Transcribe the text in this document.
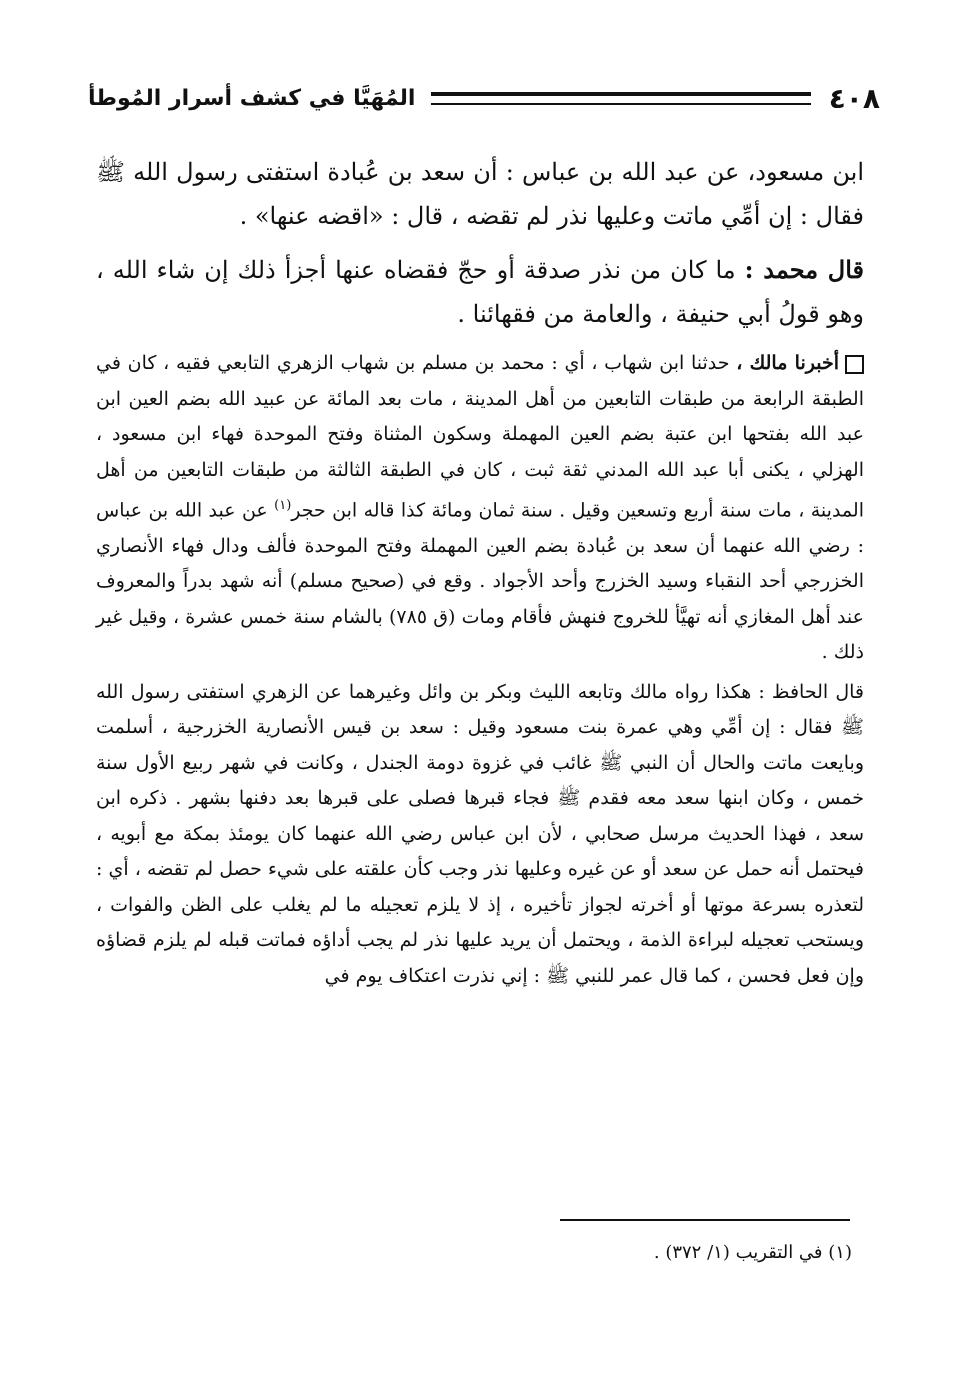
٤٠٨
المُهَيَّا في كشف أسرار المُوطأ

ابن مسعود، عن عبد الله بن عباس : أن سعد بن عُبادة استفتى رسول الله ﷺ فقال : إن أمِّي ماتت وعليها نذر لم تقضه ، قال : «اقضه عنها» .

قال محمد : ما كان من نذر صدقة أو حجّ فقضاه عنها أجزأ ذلك إن شاء الله ، وهو قولُ أبي حنيفة ، والعامة من فقهائنا .

أخبرنا مالك ، حدثنا ابن شهاب ، أي : محمد بن مسلم بن شهاب الزهري التابعي فقيه ، كان في الطبقة الرابعة من طبقات التابعين من أهل المدينة ، مات بعد المائة عن عبيد الله بضم العين ابن عبد الله بفتحها ابن عتبة بضم العين المهملة وسكون المثناة وفتح الموحدة فهاء ابن مسعود ، الهزلي ، يكنى أبا عبد الله المدني ثقة ثبت ، كان في الطبقة الثالثة من طبقات التابعين من أهل المدينة ، مات سنة أربع وتسعين وقيل . سنة ثمان ومائة كذا قاله ابن حجر$^{(١)}$ عن عبد الله بن عباس : رضي الله عنهما أن سعد بن عُبادة بضم العين المهملة وفتح الموحدة فألف ودال فهاء الأنصاري الخزرجي أحد النقباء وسيد الخزرج وأحد الأجواد . وقع في (صحيح مسلم) أنه شهد بدراً والمعروف عند أهل المغازي أنه تهيَّأ للخروج فنهش فأقام ومات (ق ٧٨٥) بالشام سنة خمس عشرة ، وقيل غير ذلك .

قال الحافظ : هكذا رواه مالك وتابعه الليث وبكر بن وائل وغيرهما عن الزهري استفتى رسول الله ﷺ فقال : إن أمِّي وهي عمرة بنت مسعود وقيل : سعد بن قيس الأنصارية الخزرجية ، أسلمت وبايعت ماتت والحال أن النبي ﷺ غائب في غزوة دومة الجندل ، وكانت في شهر ربيع الأول سنة خمس ، وكان ابنها سعد معه فقدم ﷺ فجاء قبرها فصلى على قبرها بعد دفنها بشهر . ذكره ابن سعد ، فهذا الحديث مرسل صحابي ، لأن ابن عباس رضي الله عنهما كان يومئذ بمكة مع أبويه ، فيحتمل أنه حمل عن سعد أو عن غيره وعليها نذر وجب كأن علقته على شيء حصل لم تقضه ، أي : لتعذره بسرعة موتها أو أخرته لجواز تأخيره ، إذ لا يلزم تعجيله ما لم يغلب على الظن والفوات ، ويستحب تعجيله لبراءة الذمة ، ويحتمل أن يريد عليها نذر لم يجب أداؤه فماتت قبله لم يلزم قضاؤه وإن فعل فحسن ، كما قال عمر للنبي ﷺ : إني نذرت اعتكاف يوم في

(١) في التقريب (١/ ٣٧٢) .
